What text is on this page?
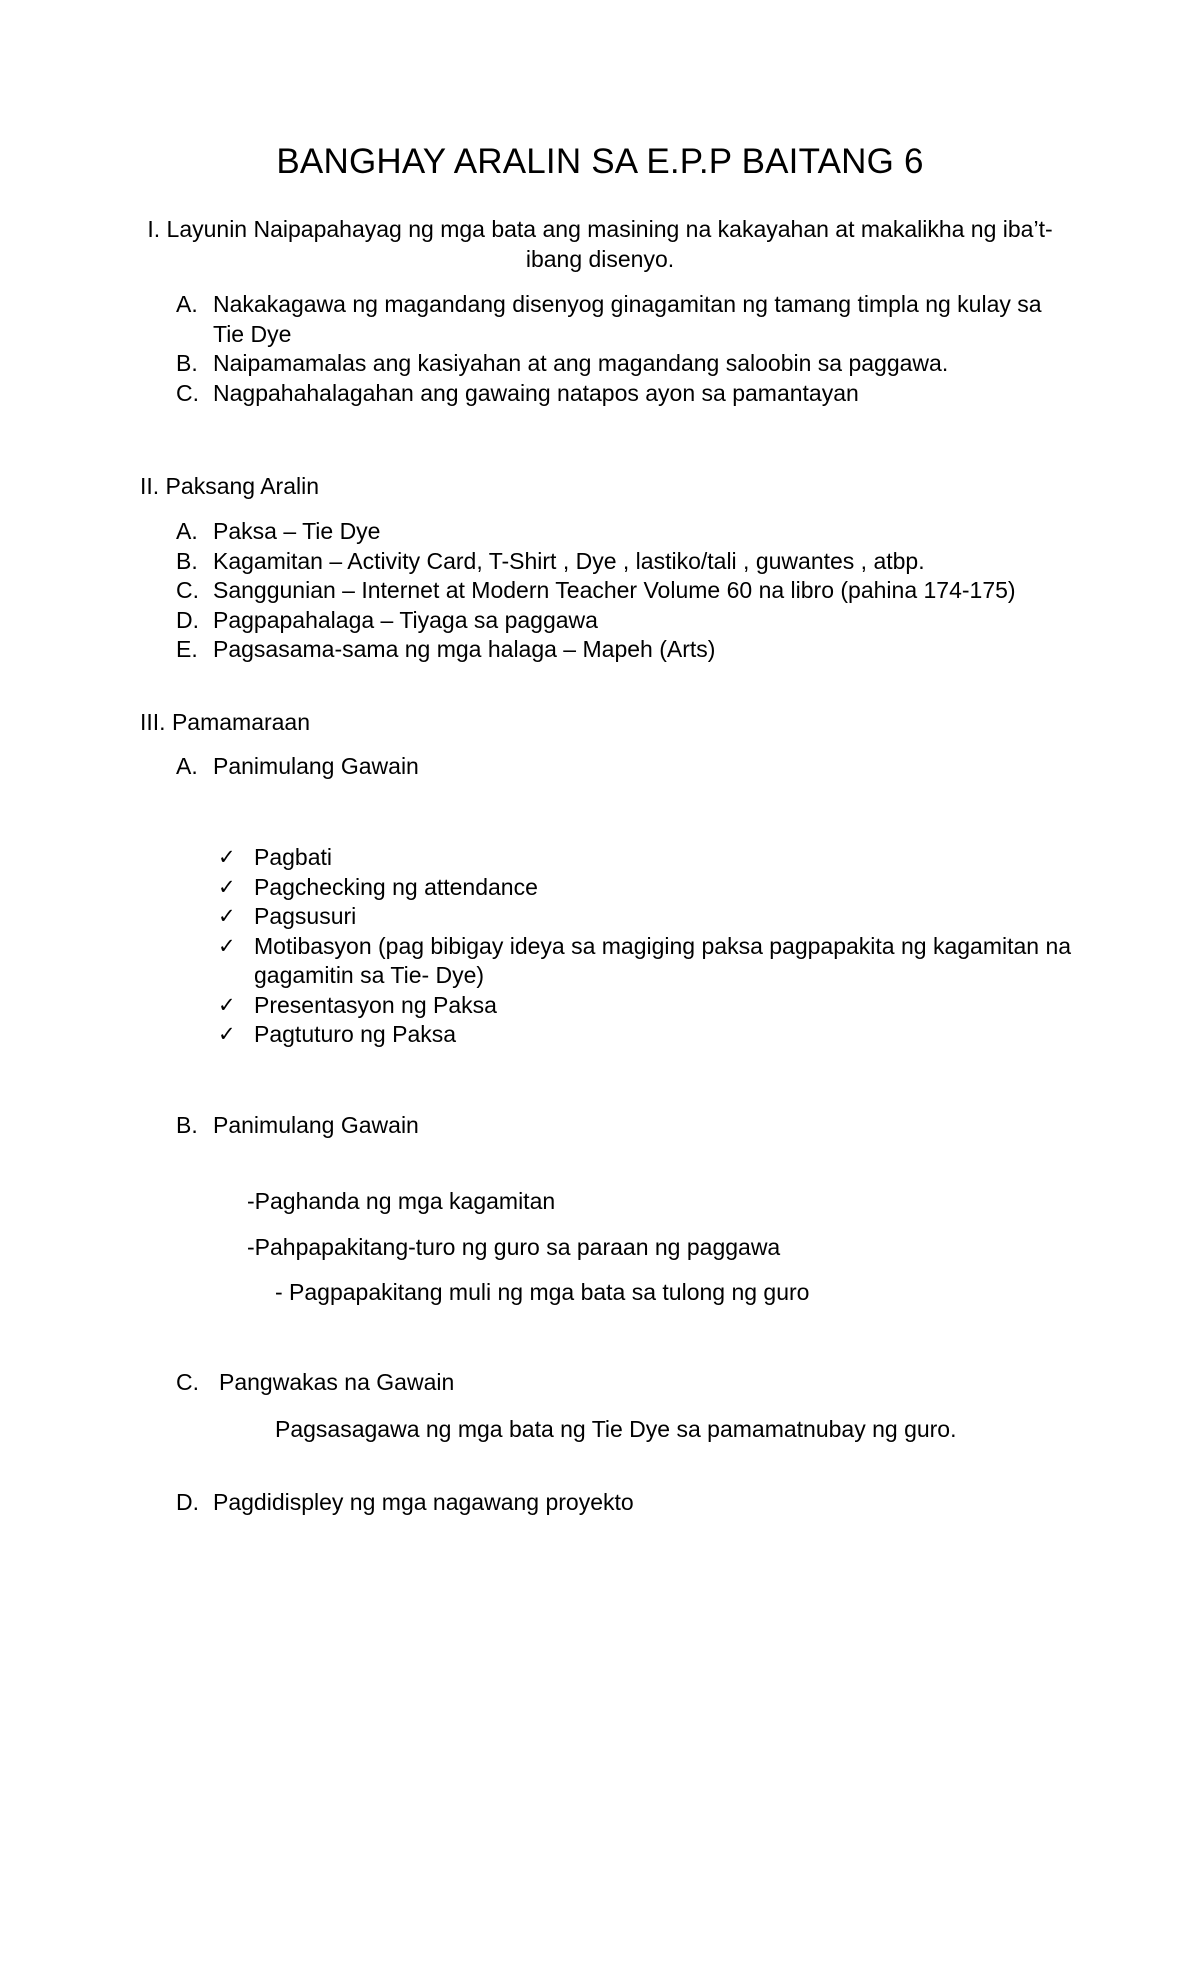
BANGHAY ARALIN SA E.P.P BAITANG 6
I. Layunin Naipapahayag ng mga bata ang masining na kakayahan at makalikha ng iba’t-ibang disenyo.
A. Nakakagawa ng magandang disenyog ginagamitan ng tamang timpla ng kulay sa Tie Dye
B. Naipamamalas ang kasiyahan at ang magandang saloobin sa paggawa.
C. Nagpahahalagahan ang gawaing natapos ayon sa pamantayan
II. Paksang Aralin
A. Paksa – Tie Dye
B. Kagamitan – Activity Card, T-Shirt , Dye , lastiko/tali , guwantes , atbp.
C. Sanggunian – Internet at Modern Teacher Volume 60 na libro (pahina 174-175)
D. Pagpapahalaga – Tiyaga sa paggawa
E. Pagsasama-sama ng mga halaga – Mapeh (Arts)
III. Pamamaraan
A. Panimulang Gawain
✓ Pagbati
✓ Pagchecking ng attendance
✓ Pagsusuri
✓ Motibasyon (pag bibigay ideya sa magiging paksa pagpapakita ng kagamitan na gagamitin sa Tie- Dye)
✓ Presentasyon ng Paksa
✓ Pagtuturo ng Paksa
B. Panimulang Gawain
-Paghanda ng mga kagamitan
-Pahpapakitang-turo ng guro sa paraan ng paggawa
- Pagpapakitang muli ng mga bata sa tulong ng guro
C. Pangwakas na Gawain
Pagsasagawa ng mga bata ng Tie Dye sa pamamatnubay ng guro.
D. Pagdidispley ng mga nagawang proyekto
